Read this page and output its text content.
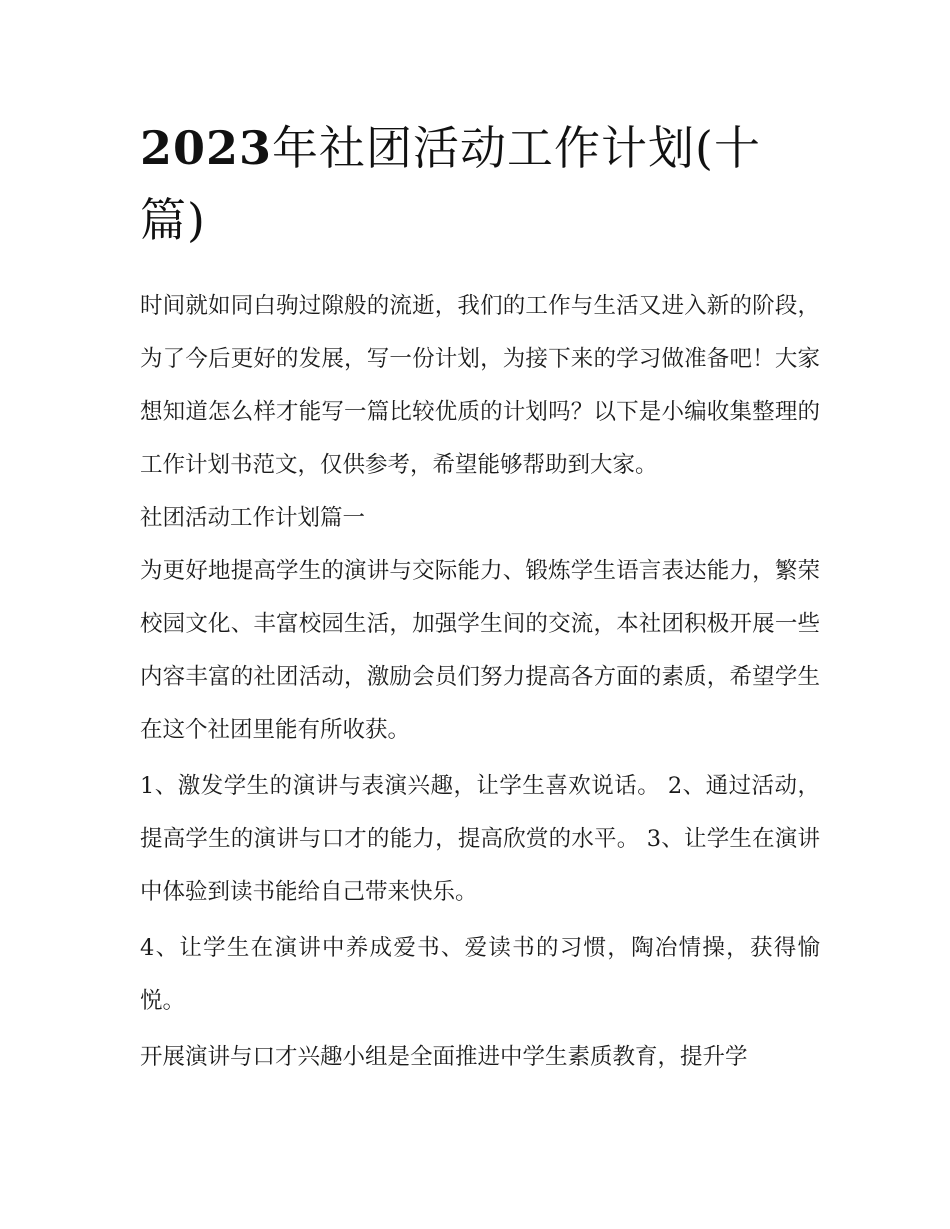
2023年社团活动工作计划(十篇)

时间就如同白驹过隙般的流逝，我们的工作与生活又进入新的阶段，为了今后更好的发展，写一份计划，为接下来的学习做准备吧！大家想知道怎么样才能写一篇比较优质的计划吗？以下是小编收集整理的工作计划书范文，仅供参考，希望能够帮助到大家。

社团活动工作计划篇一

为更好地提高学生的演讲与交际能力、锻炼学生语言表达能力，繁荣校园文化、丰富校园生活，加强学生间的交流，本社团积极开展一些内容丰富的社团活动，激励会员们努力提高各方面的素质，希望学生在这个社团里能有所收获。

1、激发学生的演讲与表演兴趣，让学生喜欢说话。 2、通过活动，提高学生的演讲与口才的能力，提高欣赏的水平。 3、让学生在演讲中体验到读书能给自己带来快乐。

4、让学生在演讲中养成爱书、爱读书的习惯，陶冶情操，获得愉悦。

开展演讲与口才兴趣小组是全面推进中学生素质教育，提升学
